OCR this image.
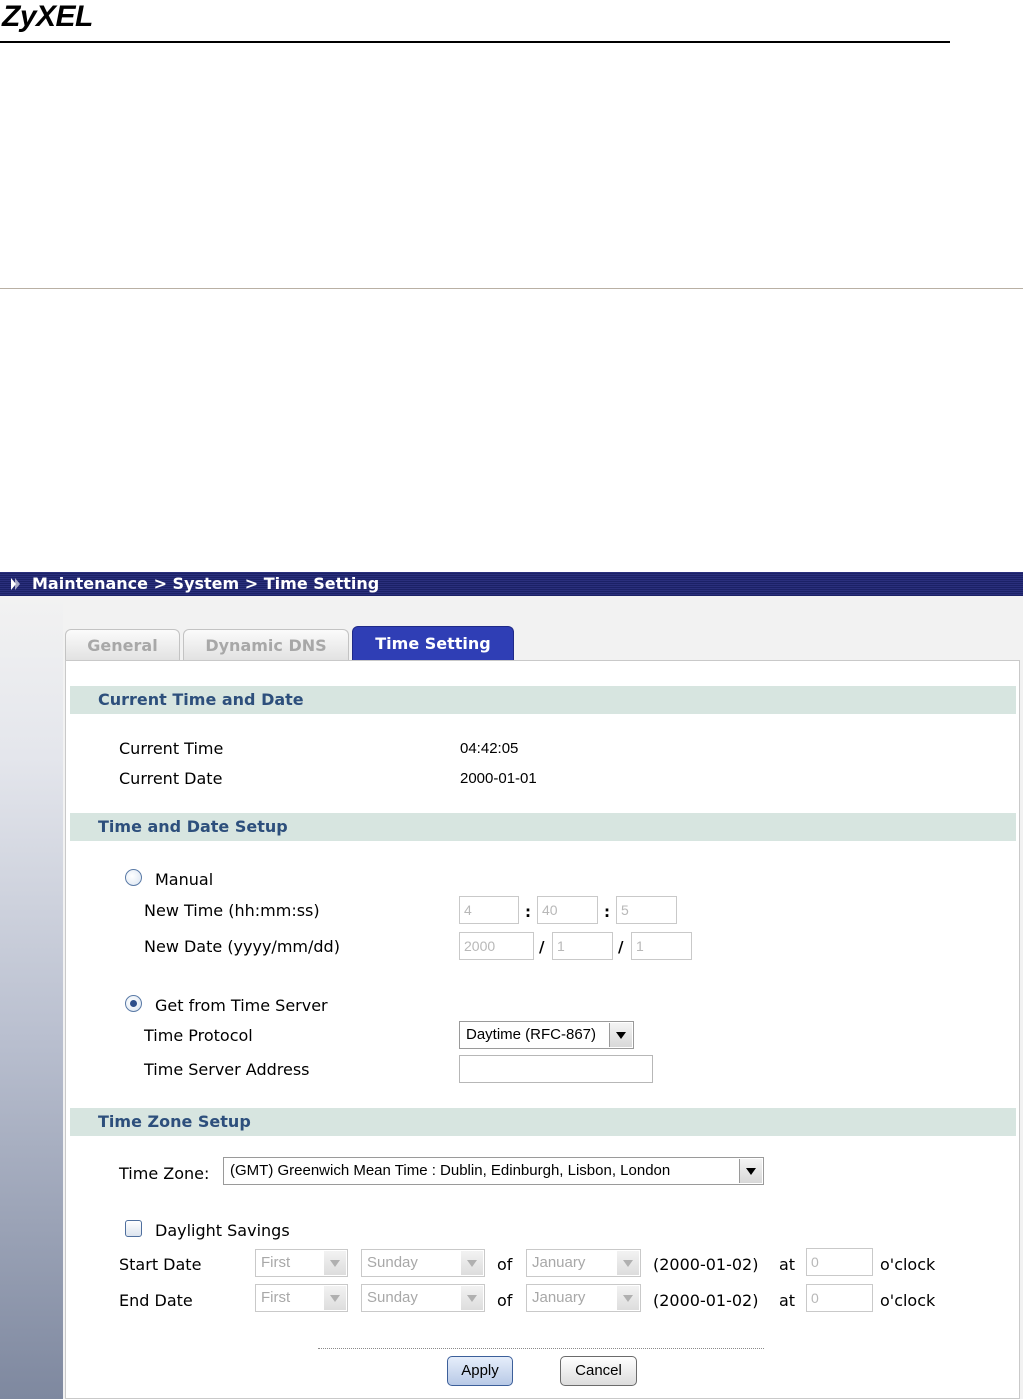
ZyXEL
Maintenance > System > Time Setting
General	Dynamic DNS	Time Setting
Current Time and Date
Current Time	04:42:05
Current Date	2000-01-01
Time and Date Setup
Manual
New Time (hh:mm:ss)	4	: 40	: 5
New Date (yyyy/mm/dd)	2000	/ 1	/ 1
Get from Time Server
Time Protocol	Daytime (RFC-867)
Time Server Address
Time Zone Setup
Time Zone: (GMT) Greenwich Mean Time : Dublin, Edinburgh, Lisbon, London
Daylight Savings
Start Date	First	Sunday	of January	(2000-01-02) at	0	o'clock
End Date	First	Sunday	of January	(2000-01-02) at	0	o'clock
Apply	Cancel
